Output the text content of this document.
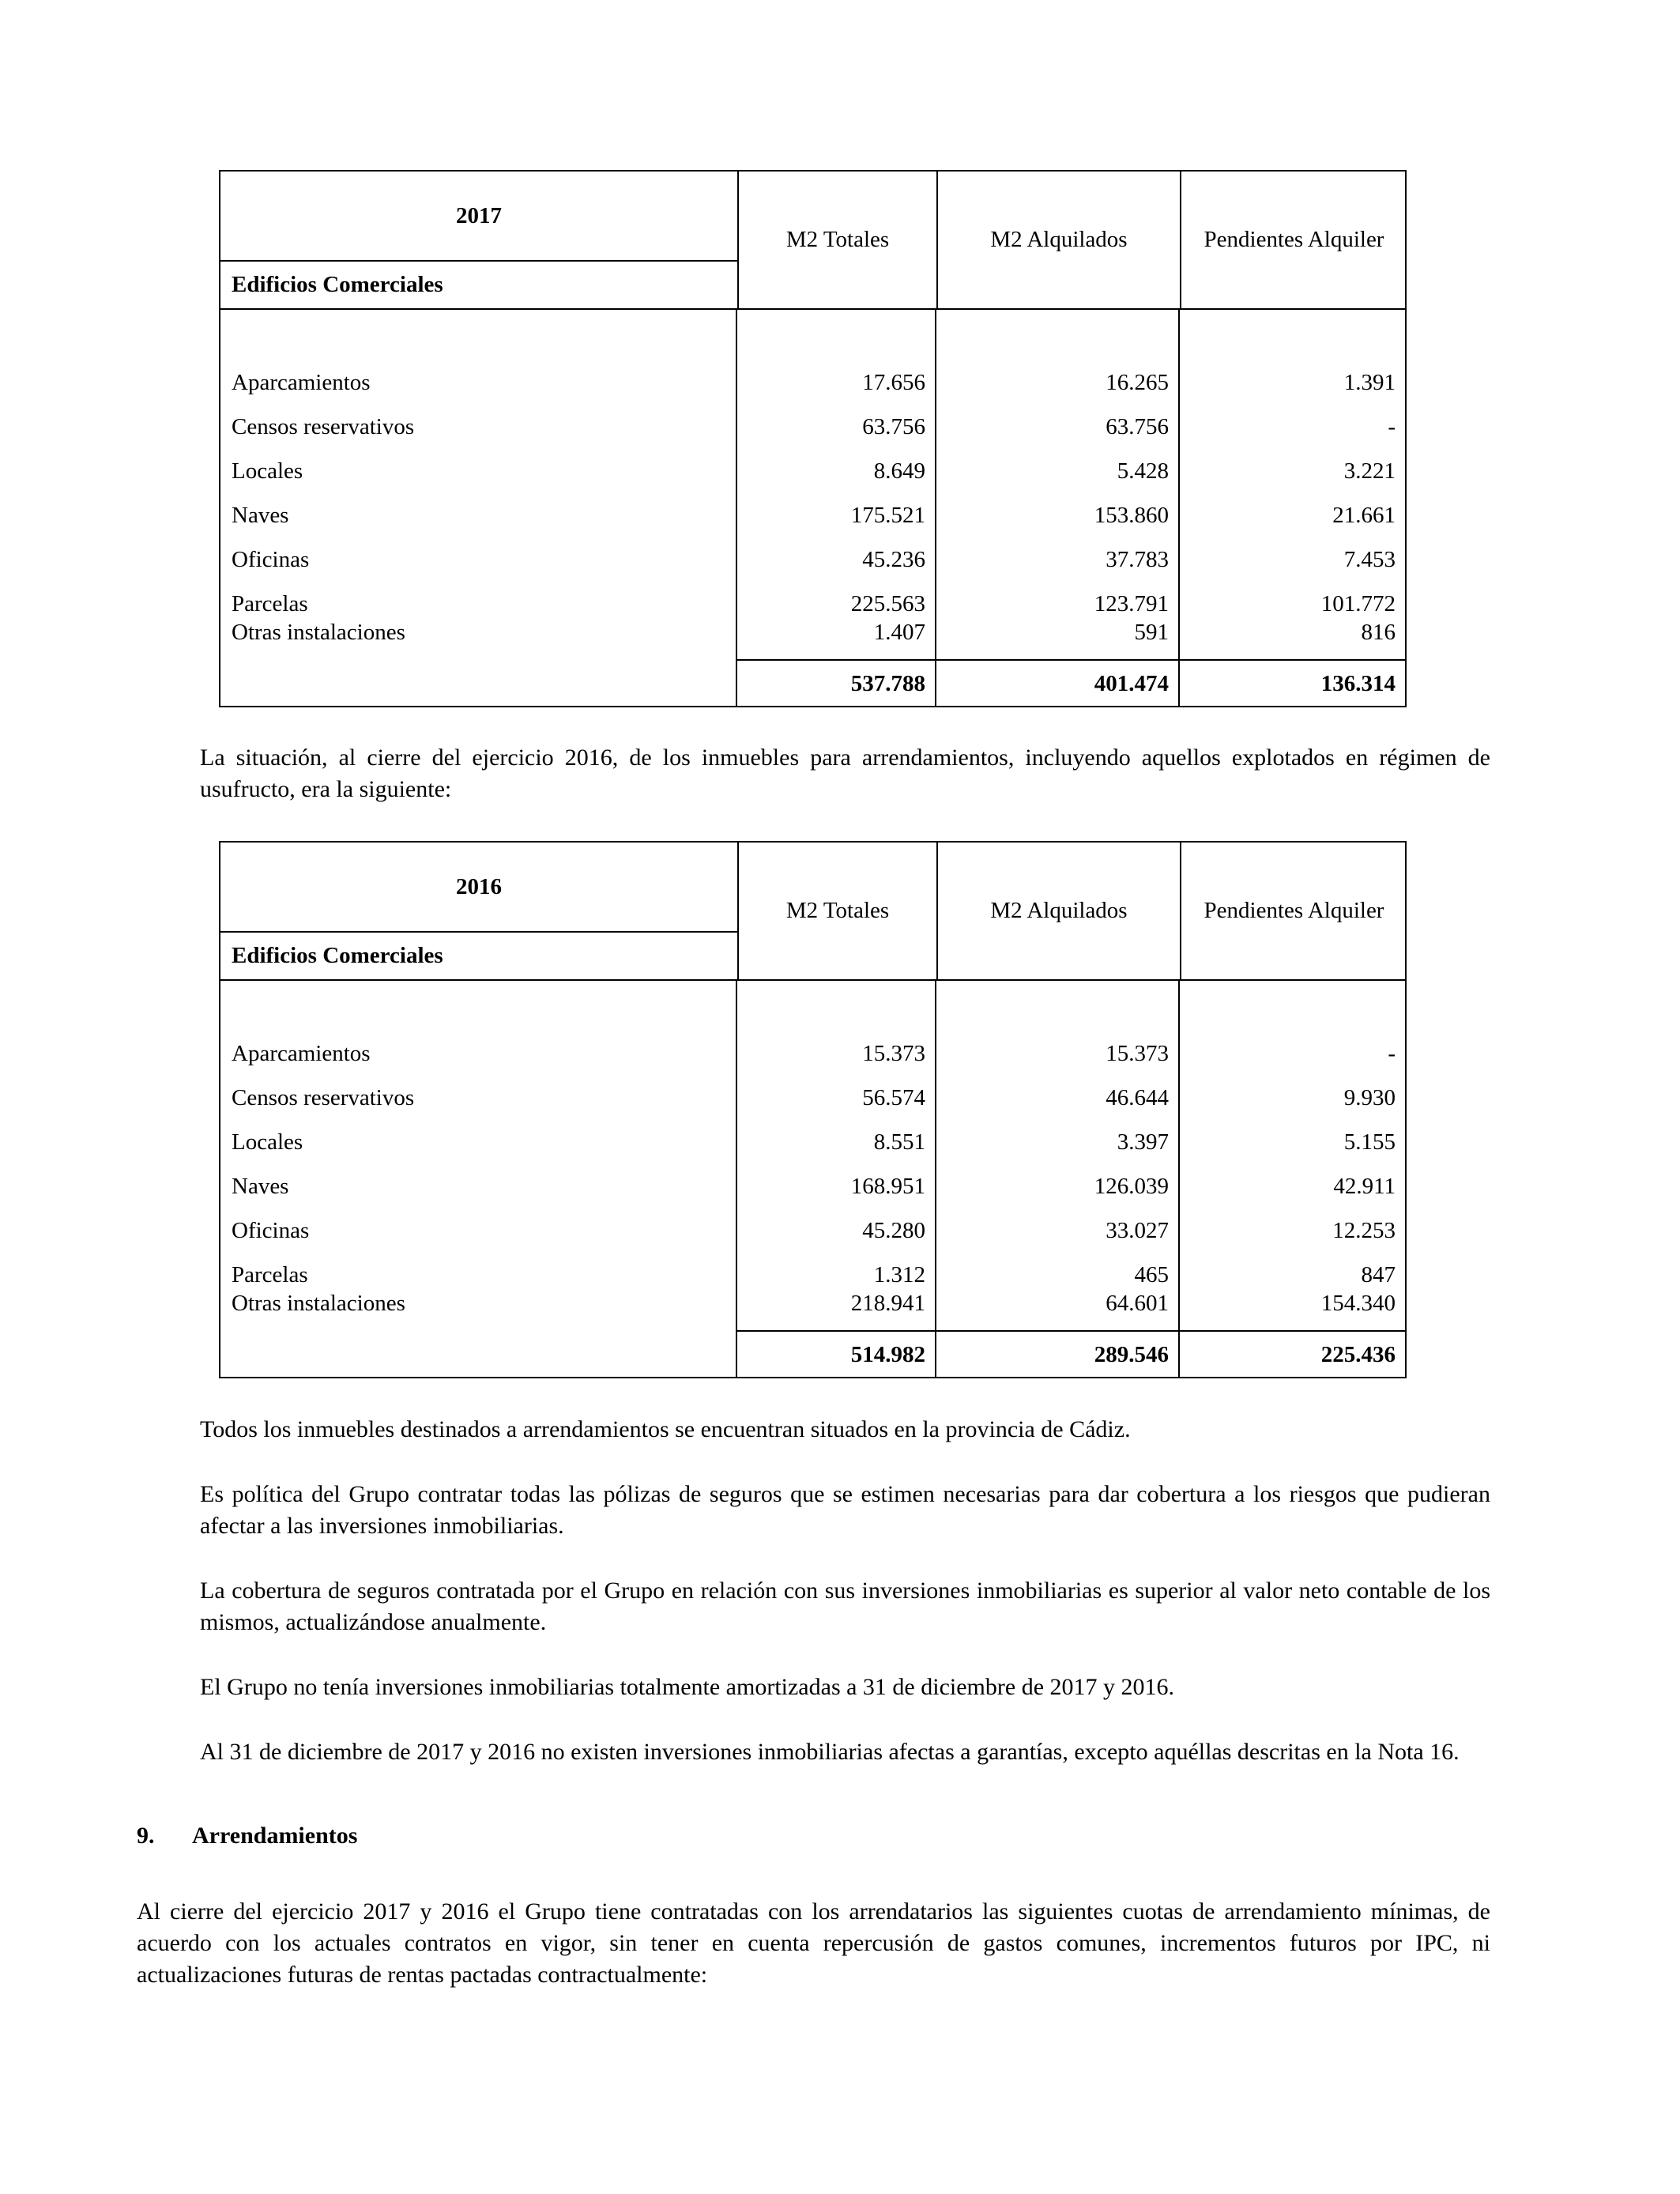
2017
Edificios Comerciales
M2 Totales	M2 Alquilados	Pendientes Alquiler
Aparcamientos	17.656	16.265	1.391
Censos reservativos	63.756	63.756	-
Locales	8.649	5.428	3.221
Naves	175.521	153.860	21.661
Oficinas	45.236	37.783	7.453
Parcelas	225.563	123.791	101.772
Otras instalaciones	1.407	591	816
537.788	401.474	136.314
La situación, al cierre del ejercicio 2016, de los inmuebles para arrendamientos, incluyendo aquellos explotados en régimen de usufructo, era la siguiente:
2016
Edificios Comerciales
M2 Totales	M2 Alquilados	Pendientes Alquiler
Aparcamientos	15.373	15.373	-
Censos reservativos	56.574	46.644	9.930
Locales	8.551	3.397	5.155
Naves	168.951	126.039	42.911
Oficinas	45.280	33.027	12.253
Parcelas	1.312	465	847
Otras instalaciones	218.941	64.601	154.340
514.982	289.546	225.436
Todos los inmuebles destinados a arrendamientos se encuentran situados en la provincia de Cádiz.
Es política del Grupo contratar todas las pólizas de seguros que se estimen necesarias para dar cobertura a los riesgos que pudieran afectar a las inversiones inmobiliarias.
La cobertura de seguros contratada por el Grupo en relación con sus inversiones inmobiliarias es superior al valor neto contable de los mismos, actualizándose anualmente.
El Grupo no tenía inversiones inmobiliarias totalmente amortizadas a 31 de diciembre de 2017 y 2016.
Al 31 de diciembre de 2017 y 2016 no existen inversiones inmobiliarias afectas a garantías, excepto aquéllas descritas en la Nota 16.
9. Arrendamientos
Al cierre del ejercicio 2017 y 2016 el Grupo tiene contratadas con los arrendatarios las siguientes cuotas de arrendamiento mínimas, de acuerdo con los actuales contratos en vigor, sin tener en cuenta repercusión de gastos comunes, incrementos futuros por IPC, ni actualizaciones futuras de rentas pactadas contractualmente:
